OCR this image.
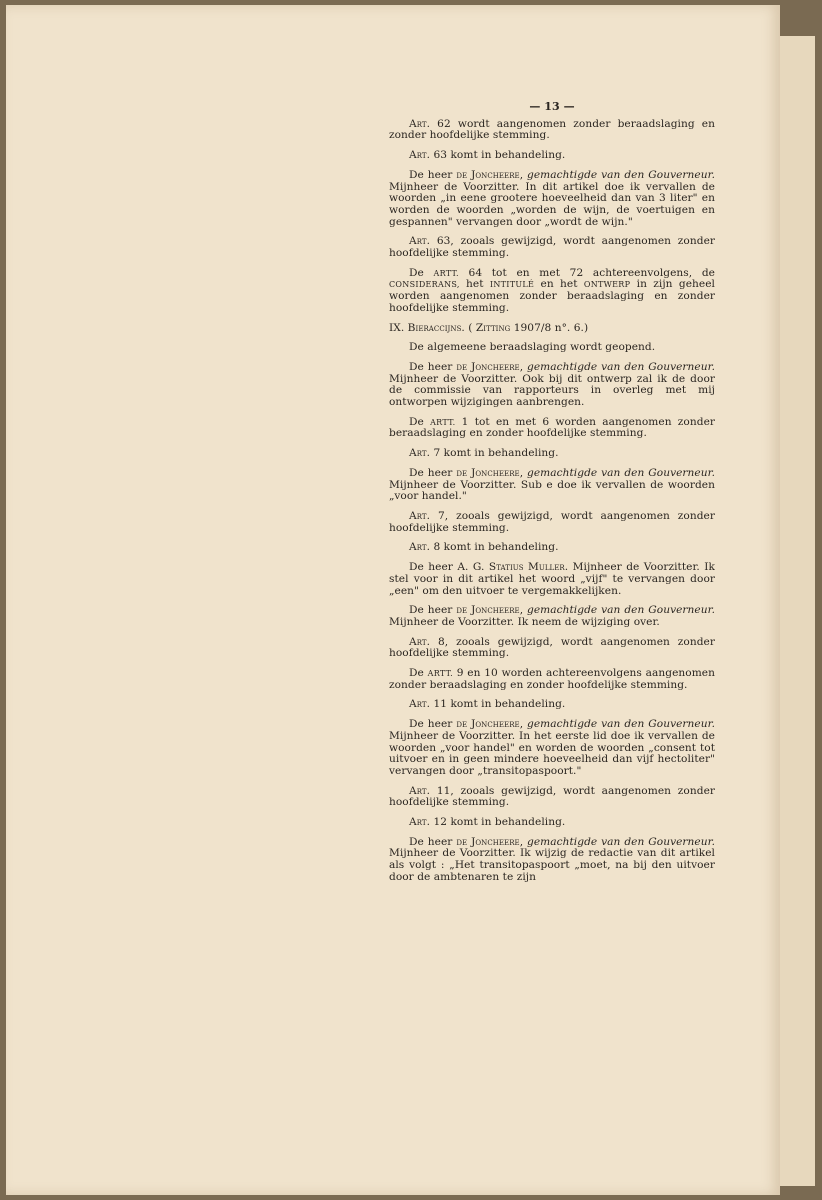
— 13 —

Art. 62 wordt aangenomen zonder beraadslaging en zonder hoofdelijke stemming.

Art. 63 komt in behandeling.

De heer de Joncheere, gemachtigde van den Gouverneur. Mijnheer de Voorzitter. In dit artikel doe ik vervallen de woorden „in eene grootere hoeveelheid dan van 3 liter" en worden de woorden „worden de wijn, de voertuigen en gespannen" vervangen door „wordt de wijn."

Art. 63, zooals gewijzigd, wordt aangenomen zonder hoofdelijke stemming.

De ARTT. 64 tot en met 72 achtereenvolgens, de CONSIDERANS, het INTITULÉ en het ONTWERP in zijn geheel worden aangenomen zonder beraadslaging en zonder hoofdelijke stemming.

IX. Bieraccijns. ( Zitting 1907/8 n°. 6.)

De algemeene beraadslaging wordt geopend.

De heer de Joncheere, gemachtigde van den Gouverneur. Mijnheer de Voorzitter. Ook bij dit ontwerp zal ik de door de commissie van rapporteurs in overleg met mij ontworpen wijzigingen aanbrengen.

De ARTT. 1 tot en met 6 worden aangenomen zonder beraadslaging en zonder hoofdelijke stemming.

Art. 7 komt in behandeling.

De heer de Joncheere, gemachtigde van den Gouverneur. Mijnheer de Voorzitter. Sub e doe ik vervallen de woorden „voor handel."

Art. 7, zooals gewijzigd, wordt aangenomen zonder hoofdelijke stemming.

Art. 8 komt in behandeling.

De heer A. G. Statius Muller. Mijnheer de Voorzitter. Ik stel voor in dit artikel het woord „vijf" te vervangen door „een" om den uitvoer te vergemakkelijken.

De heer de Joncheere, gemachtigde van den Gouverneur. Mijnheer de Voorzitter. Ik neem de wijziging over.

Art. 8, zooals gewijzigd, wordt aangenomen zonder hoofdelijke stemming.

De ARTT. 9 en 10 worden achtereenvolgens aangenomen zonder beraadslaging en zonder hoofdelijke stemming.

Art. 11 komt in behandeling.

De heer de Joncheere, gemachtigde van den Gouverneur. Mijnheer de Voorzitter. In het eerste lid doe ik vervallen de woorden „voor handel" en worden de woorden „consent tot uitvoer en in geen mindere hoeveelheid dan vijf hectoliter" vervangen door „transitopaspoort."

Art. 11, zooals gewijzigd, wordt aangenomen zonder hoofdelijke stemming.

Art. 12 komt in behandeling.

De heer de Joncheere, gemachtigde van den Gouverneur. Mijnheer de Voorzitter. Ik wijzig de redactie van dit artikel als volgt : „Het transitopaspoort „moet, na bij den uitvoer door de ambtenaren te zijn
